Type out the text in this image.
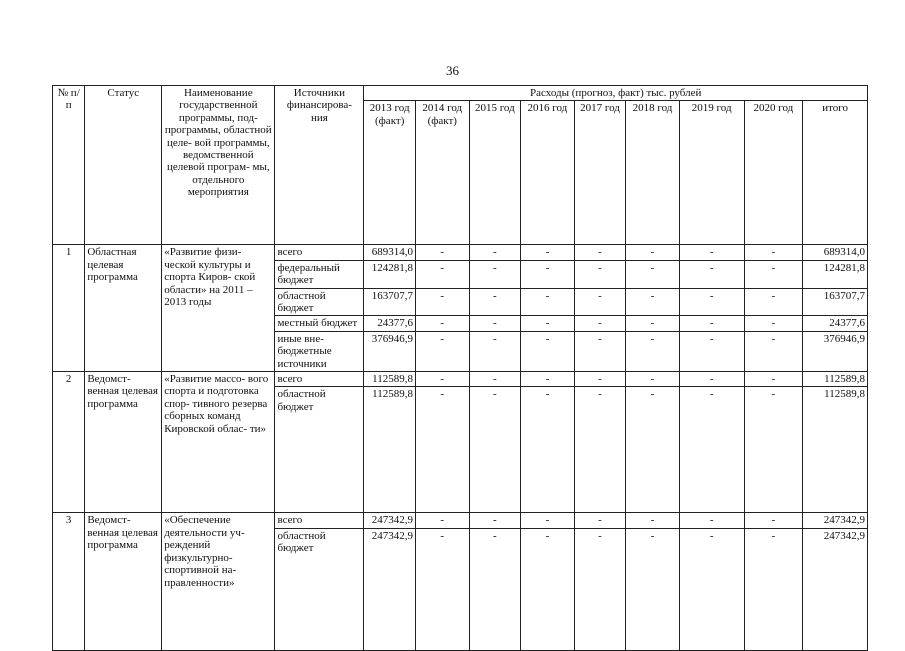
36
№ п/п	Статус	Наименование государственной программы, под- программы, областной целе- вой программы, ведомственной целевой програм- мы, отдельного мероприятия	Источники финансирова- ния	Расходы (прогноз, факт) тыс. рублей								
				2013 год (факт)	2014 год (факт)	2015 год	2016 год	2017 год	2018 год	2019 год	2020 год	итого
1	Областная целевая программа	«Развитие физи- ческой культуры и спорта Киров- ской области» на 2011 – 2013 годы	всего	689314,0	-	-	-	-	-	-	-	689314,0
			федеральный бюджет	124281,8	-	-	-	-	-	-	-	124281,8
			областной бюджет	163707,7	-	-	-	-	-	-	-	163707,7
			местный бюджет	24377,6	-	-	-	-	-	-	-	24377,6
			иные вне- бюджетные источники	376946,9	-	-	-	-	-	-	-	376946,9
2	Ведомст- венная целевая программа	«Развитие массо- вого спорта и подготовка спор- тивного резерва сборных команд Кировской облас- ти»	всего	112589,8	-	-	-	-	-	-	-	112589,8
			областной бюджет	112589,8	-	-	-	-	-	-	-	112589,8
3	Ведомст- венная целевая программа	«Обеспечение деятельности уч- реждений физкультурно- спортивной на- правленности»	всего	247342,9	-	-	-	-	-	-	-	247342,9
			областной бюджет	247342,9	-	-	-	-	-	-	-	247342,9
